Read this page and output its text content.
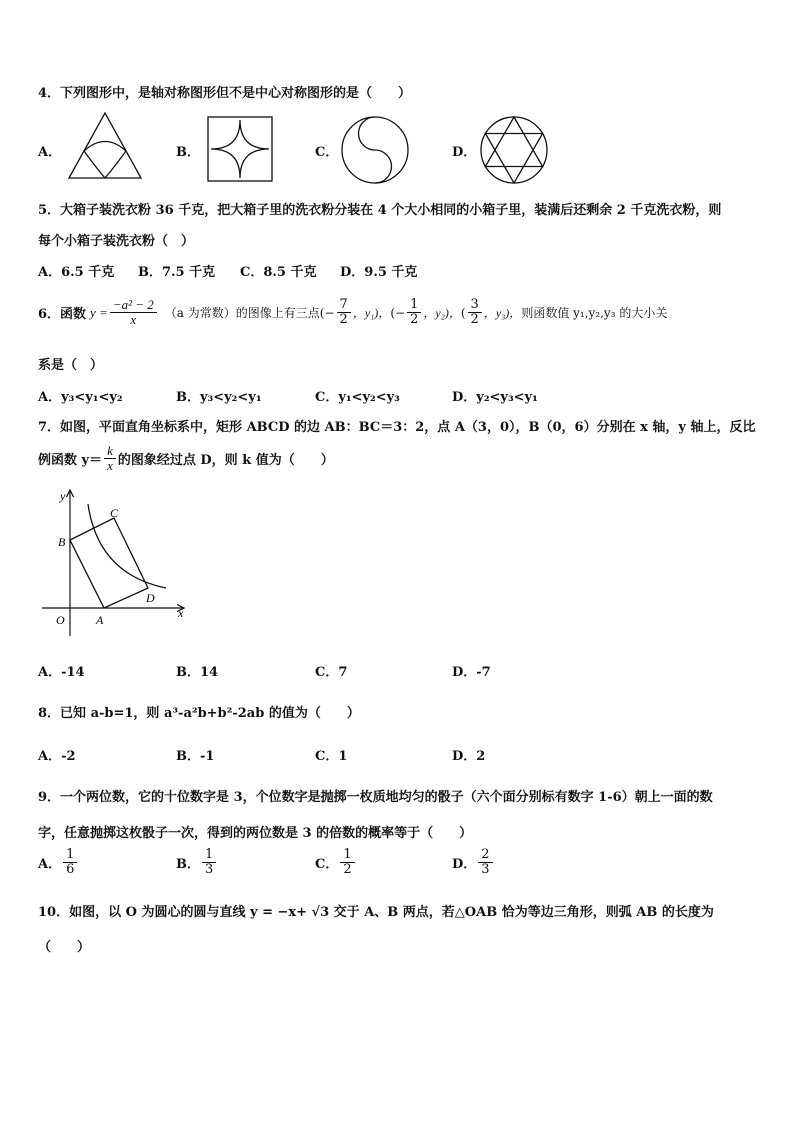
4．下列图形中，是轴对称图形但不是中心对称图形的是（　　）
A．	B．	C．	D．
5．大箱子装洗衣粉 36 千克，把大箱子里的洗衣粉分装在 4 个大小相同的小箱子里，装满后还剩余 2 千克洗衣粉，则
每个小箱子装洗衣粉（　）
A．6.5 千克 B．7.5 千克 C．8.5 千克 D．9.5 千克
6．函数 $y = \frac{\text{−a² − 2}}{x} (a$ 为常数）的图像上有三点 (− $\frac{7}{2}$ ，y₁)， (− $\frac{1}{2}$ ，y₂)， ( $\frac{3}{2}$ ，y₃)， 则函数值 y₁,y₂,y₃ 的大小关
系是（　）
A．y₃<y₁<y₂	B．y₃<y₂<y₁	C．y₁<y₂<y₃	D．y₂<y₃<y₁
7．如图，平面直角坐标系中，矩形 ABCD 的边 AB：BC＝3：2，点 A（3，0），B（0，6）分别在 x 轴，y 轴上，反比
例函数 $y= \frac{k}{x}$ 的图象经过点 D，则 k 值为（　　）
y
x
O	A
B
C
D
A．-14	B．14	C．7	D．-7
8．已知 a-b=1，则 a³-a²b+b²-2ab 的值为（　　）
A．-2	B．-1	C．1	D．2
9．一个两位数，它的十位数字是 3，个位数字是抛掷一枚质地均匀的骰子（六个面分别标有数字 1-6）朝上一面的数
字，任意抛掷这枚骰子一次，得到的两位数是 3 的倍数的概率等于（　　）
A． $\frac{1}{6}$	B． $\frac{1}{3}$	C． $\frac{1}{2}$	D． $\frac{2}{3}$
10．如图，以 O 为圆心的圆与直线 y = −x+ √3 交于 A、B 两点，若△OAB 恰为等边三角形，则弧 AB 的长度为
（　　）
